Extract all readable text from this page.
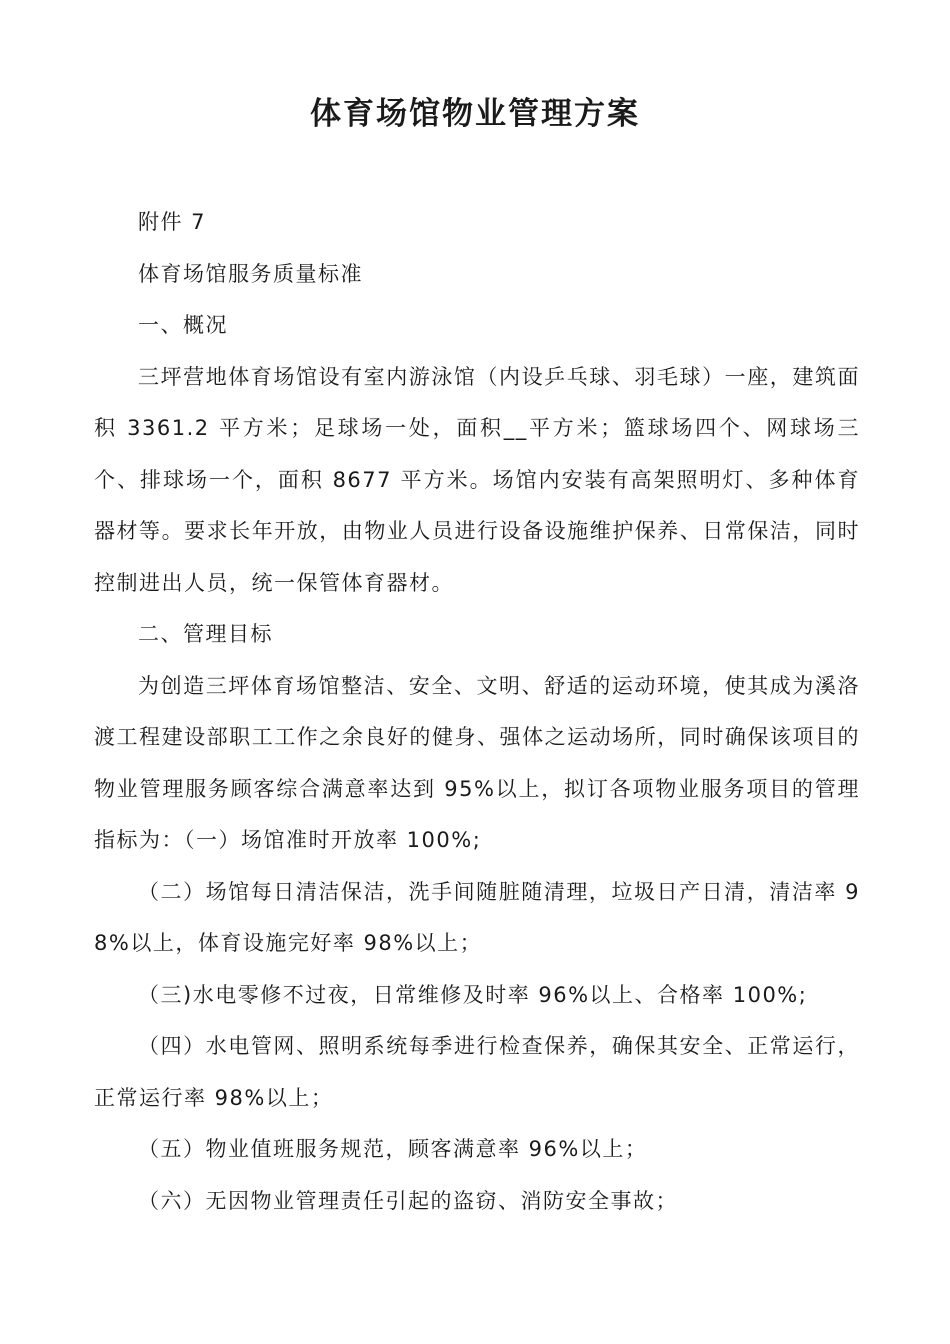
体育场馆物业管理方案

附件 7

体育场馆服务质量标准

一、概况

三坪营地体育场馆设有室内游泳馆（内设乒乓球、羽毛球）一座，建筑面积 3361.2 平方米；足球场一处，面积__平方米；篮球场四个、网球场三个、排球场一个，面积 8677 平方米。场馆内安装有高架照明灯、多种体育器材等。要求长年开放，由物业人员进行设备设施维护保养、日常保洁，同时控制进出人员，统一保管体育器材。

二、管理目标

为创造三坪体育场馆整洁、安全、文明、舒适的运动环境，使其成为溪洛渡工程建设部职工工作之余良好的健身、强体之运动场所，同时确保该项目的物业管理服务顾客综合满意率达到 95%以上，拟订各项物业服务项目的管理指标为：（一）场馆准时开放率 100%;

（二）场馆每日清洁保洁，洗手间随脏随清理，垃圾日产日清，清洁率 98%以上，体育设施完好率 98%以上；

（三)水电零修不过夜，日常维修及时率 96%以上、合格率 100%;

（四）水电管网、照明系统每季进行检查保养，确保其安全、正常运行，正常运行率 98%以上；

（五）物业值班服务规范，顾客满意率 96%以上；

（六）无因物业管理责任引起的盗窃、消防安全事故；
